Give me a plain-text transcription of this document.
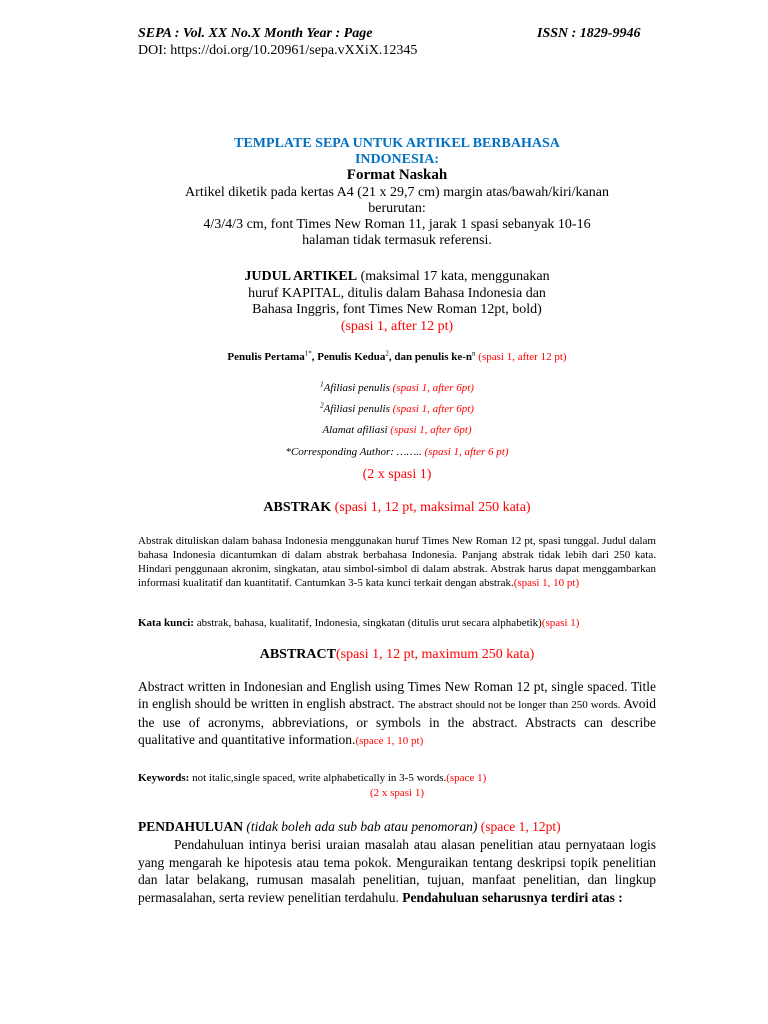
SEPA : Vol. XX No.X Month Year : Page	ISSN : 1829-9946
DOI: https://doi.org/10.20961/sepa.vXXiX.12345
TEMPLATE SEPA UNTUK ARTIKEL BERBAHASA
INDONESIA:
Format Naskah
Artikel diketik pada kertas A4 (21 x 29,7 cm) margin atas/bawah/kiri/kanan
berurutan:
4/3/4/3 cm, font Times New Roman 11, jarak 1 spasi sebanyak 10-16
halaman tidak termasuk referensi.
JUDUL ARTIKEL (maksimal 17 kata, menggunakan
huruf KAPITAL, ditulis dalam Bahasa Indonesia dan
Bahasa Inggris, font Times New Roman 12pt, bold)
(spasi 1, after 12 pt)
Penulis Pertama$^{1*}$, Penulis Kedua$^2$, dan penulis $ke-n^n$ (spasi 1, after 12 pt)
$^1$Afiliasi penulis (spasi 1, after 6pt)
$^2$Afiliasi penulis (spasi 1, after 6pt)
Alamat afiliasi (spasi 1, after 6pt)
*Corresponding Author: …….. (spasi 1, after 6 pt)
(2 x spasi 1)
ABSTRAK (spasi 1, 12 pt, maksimal 250 kata)
Abstrak dituliskan dalam bahasa Indonesia menggunakan huruf Times New Roman 12 pt, spasi tunggal. Judul dalam bahasa Indonesia dicantumkan di dalam abstrak berbahasa Indonesia. Panjang abstrak tidak lebih dari 250 kata. Hindari penggunaan akronim, singkatan, atau simbol-simbol di dalam abstrak. Abstrak harus dapat menggambarkan informasi kualitatif dan kuantitatif. Cantumkan 3-5 kata kunci terkait dengan abstrak.(spasi 1, 10 pt)
Kata kunci: abstrak, bahasa, kualitatif, Indonesia, singkatan (ditulis urut secara alphabetik)(spasi 1)
ABSTRACT(spasi 1, 12 pt, maximum 250 kata)
Abstract written in Indonesian and English using Times New Roman 12 pt, single spaced. Title in english should be written in english abstract. The abstract should not be longer than 250 words. Avoid the use of acronyms, abbreviations, or symbols in the abstract. Abstracts can describe qualitative and quantitative information.(space 1, 10 pt)
Keywords: not italic,single spaced, write alphabetically in 3-5 words.(space 1)
(2 x spasi 1)
PENDAHULUAN (tidak boleh ada sub bab atau penomoran) (space 1, 12pt)
Pendahuluan intinya berisi uraian masalah atau alasan penelitian atau pernyataan logis yang mengarah ke hipotesis atau tema pokok. Menguraikan tentang deskripsi topik penelitian dan latar belakang, rumusan masalah penelitian, tujuan, manfaat penelitian, dan lingkup permasalahan, serta review penelitian terdahulu. Pendahuluan seharusnya terdiri atas :
